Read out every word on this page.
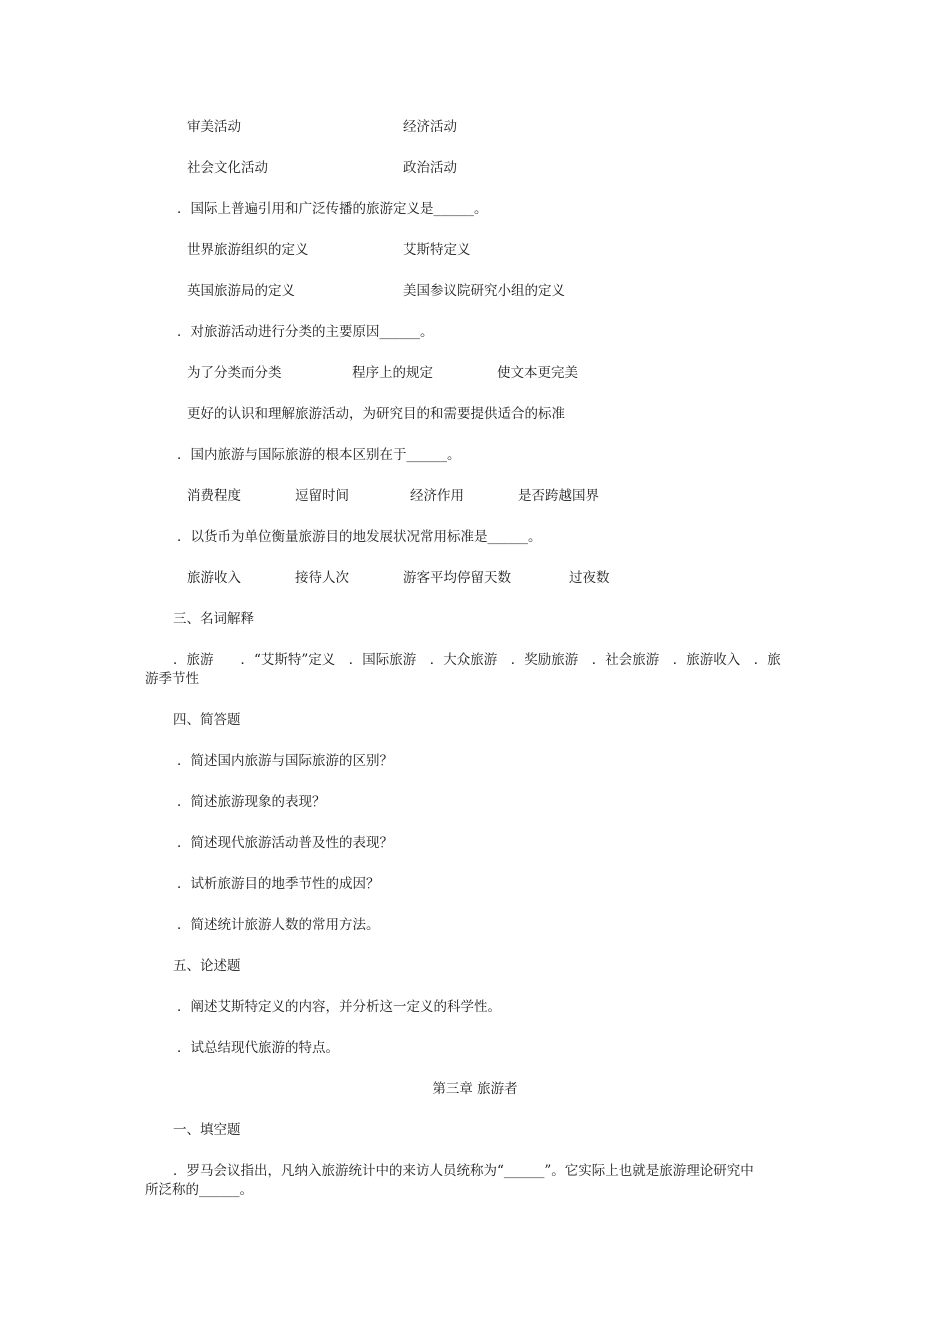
审美活动	经济活动
社会文化活动	政治活动
．国际上普遍引用和广泛传播的旅游定义是______。
世界旅游组织的定义	艾斯特定义
英国旅游局的定义	美国参议院研究小组的定义
．对旅游活动进行分类的主要原因______。
为了分类而分类	程序上的规定	使文本更完美
更好的认识和理解旅游活动，为研究目的和需要提供适合的标准
．国内旅游与国际旅游的根本区别在于______。
消费程度	逗留时间	经济作用	是否跨越国界
．以货币为单位衡量旅游目的地发展状况常用标准是______。
旅游收入	接待人次	游客平均停留天数	过夜数
三、名词解释
．旅游　　．“艾斯特”定义　．国际旅游　．大众旅游　．奖励旅游　．社会旅游　．旅游收入　．旅
游季节性
四、简答题
．简述国内旅游与国际旅游的区别？
．简述旅游现象的表现？
．简述现代旅游活动普及性的表现？
．试析旅游目的地季节性的成因？
．简述统计旅游人数的常用方法。
五、论述题
．阐述艾斯特定义的内容，并分析这一定义的科学性。
．试总结现代旅游的特点。
第三章 旅游者
一、填空题
．罗马会议指出，凡纳入旅游统计中的来访人员统称为“______”。它实际上也就是旅游理论研究中
所泛称的______。
